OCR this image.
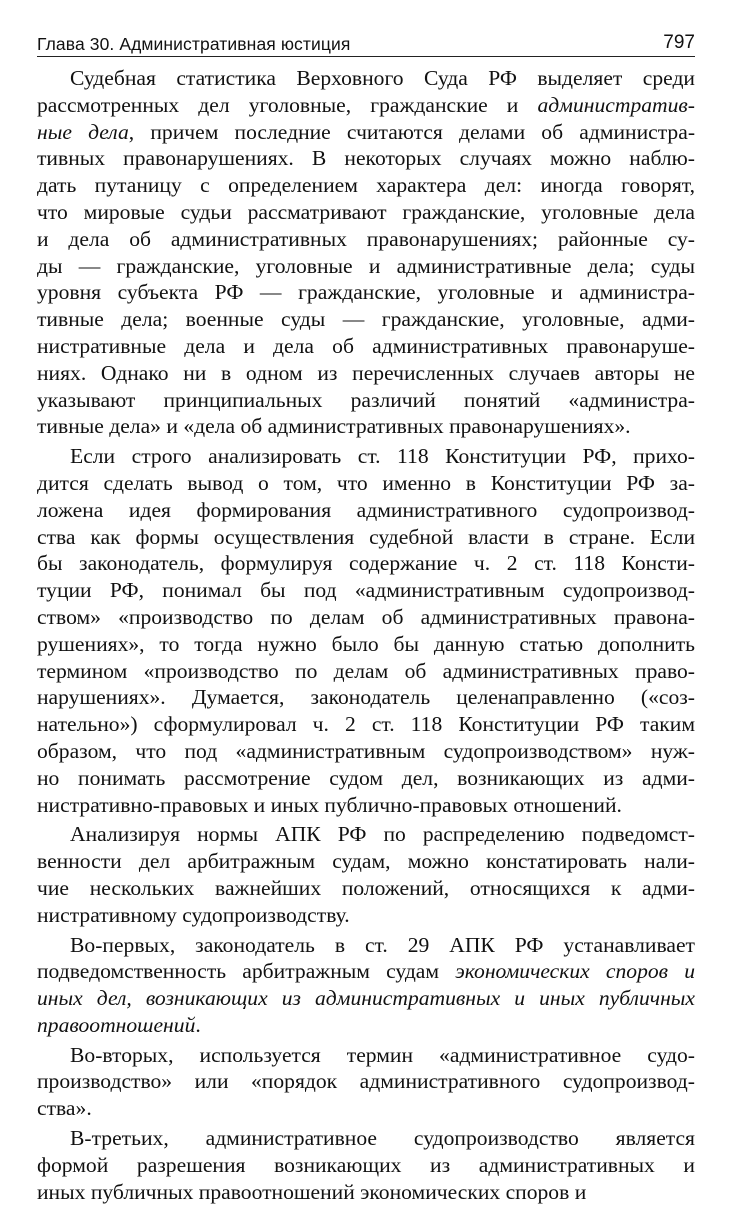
Глава 30. Административная юстиция	797
Судебная статистика Верховного Суда РФ выделяет среди
рассмотренных дел уголовные, гражданские и административ-
ные дела, причем последние считаются делами об администра-
тивных правонарушениях. В некоторых случаях можно наблю-
дать путаницу с определением характера дел: иногда говорят,
что мировые судьи рассматривают гражданские, уголовные дела
и дела об административных правонарушениях; районные су-
ды — гражданские, уголовные и административные дела; суды
уровня субъекта РФ — гражданские, уголовные и администра-
тивные дела; военные суды — гражданские, уголовные, адми-
нистративные дела и дела об административных правонаруше-
ниях. Однако ни в одном из перечисленных случаев авторы не
указывают принципиальных различий понятий «администра-
тивные дела» и «дела об административных правонарушениях».
Если строго анализировать ст. 118 Конституции РФ, прихо-
дится сделать вывод о том, что именно в Конституции РФ за-
ложена идея формирования административного судопроизвод-
ства как формы осуществления судебной власти в стране. Если
бы законодатель, формулируя содержание ч. 2 ст. 118 Консти-
туции РФ, понимал бы под «административным судопроизвод-
ством» «производство по делам об административных правона-
рушениях», то тогда нужно было бы данную статью дополнить
термином «производство по делам об административных право-
нарушениях». Думается, законодатель целенаправленно («соз-
нательно») сформулировал ч. 2 ст. 118 Конституции РФ таким
образом, что под «административным судопроизводством» нуж-
но понимать рассмотрение судом дел, возникающих из адми-
нистративно-правовых и иных публично-правовых отношений.
Анализируя нормы АПК РФ по распределению подведомст-
венности дел арбитражным судам, можно констатировать нали-
чие нескольких важнейших положений, относящихся к адми-
нистративному судопроизводству.
Во-первых, законодатель в ст. 29 АПК РФ устанавливает
подведомственность арбитражным судам экономических споров и
иных дел, возникающих из административных и иных публичных
правоотношений.
Во-вторых, используется термин «административное судо-
производство» или «порядок административного судопроизвод-
ства».
В-третьих, административное судопроизводство является
формой разрешения возникающих из административных и
иных публичных правоотношений экономических споров и
